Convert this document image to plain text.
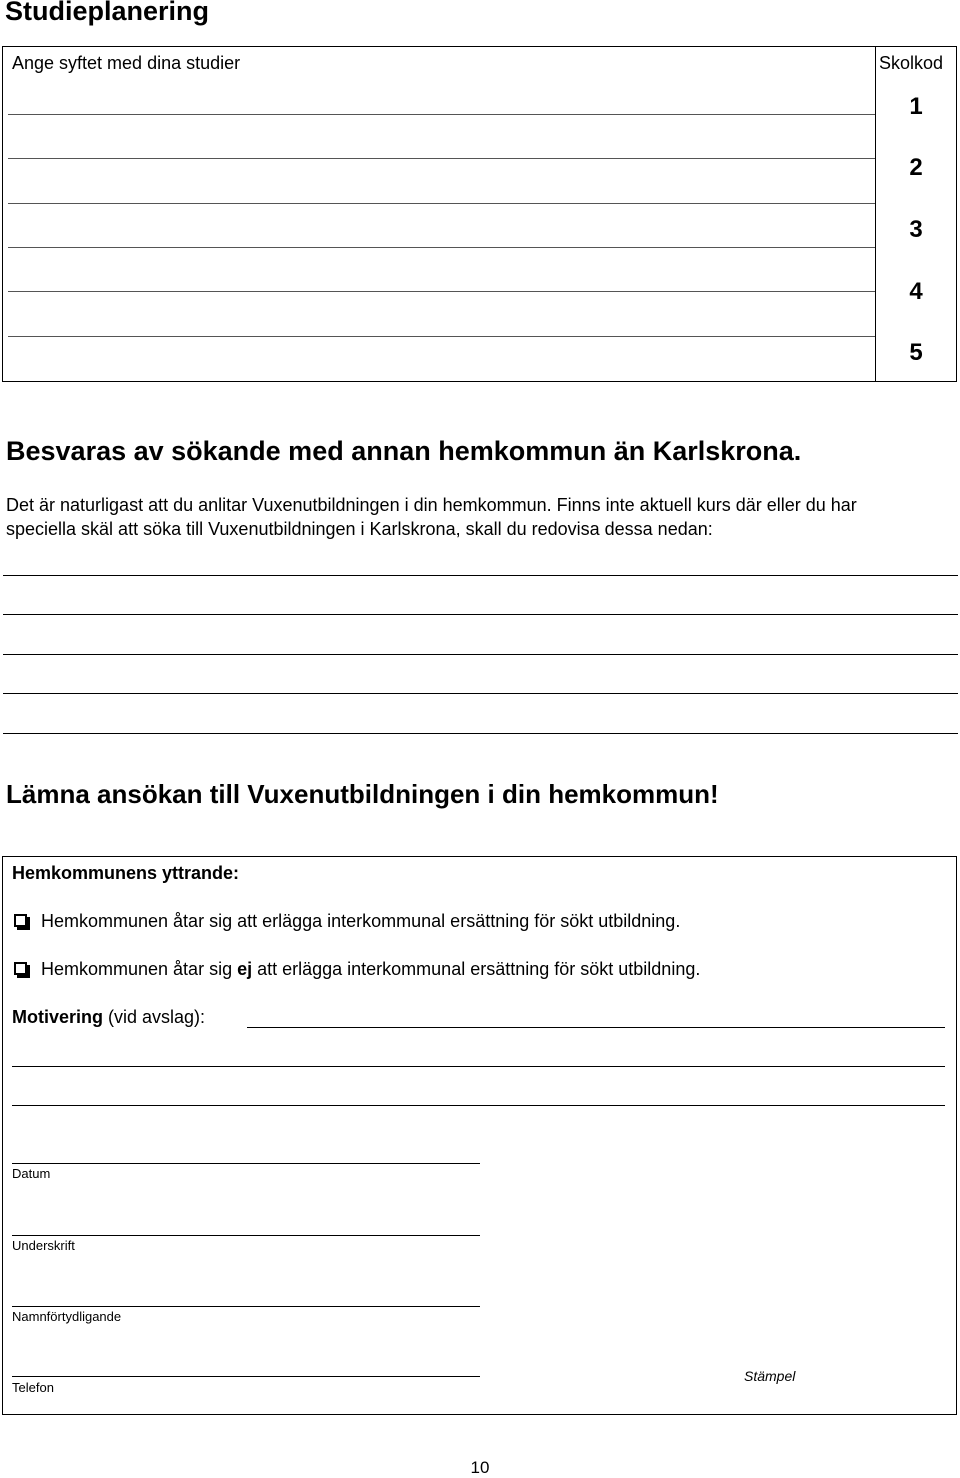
Studieplanering
Ange syftet med dina studier	Skolkod
1
2
3
4
5
Besvaras av sökande med annan hemkommun än Karlskrona.
Det är naturligast att du anlitar Vuxenutbildningen i din hemkommun. Finns inte aktuell kurs där eller du har
speciella skäl att söka till Vuxenutbildningen i Karlskrona, skall du redovisa dessa nedan:
Lämna ansökan till Vuxenutbildningen i din hemkommun!
Hemkommunens yttrande:
Hemkommunen åtar sig att erlägga interkommunal ersättning för sökt utbildning.
Hemkommunen åtar sig ej att erlägga interkommunal ersättning för sökt utbildning.
Motivering (vid avslag):
Datum
Underskrift
Namnförtydligande
Telefon
Stämpel
10
